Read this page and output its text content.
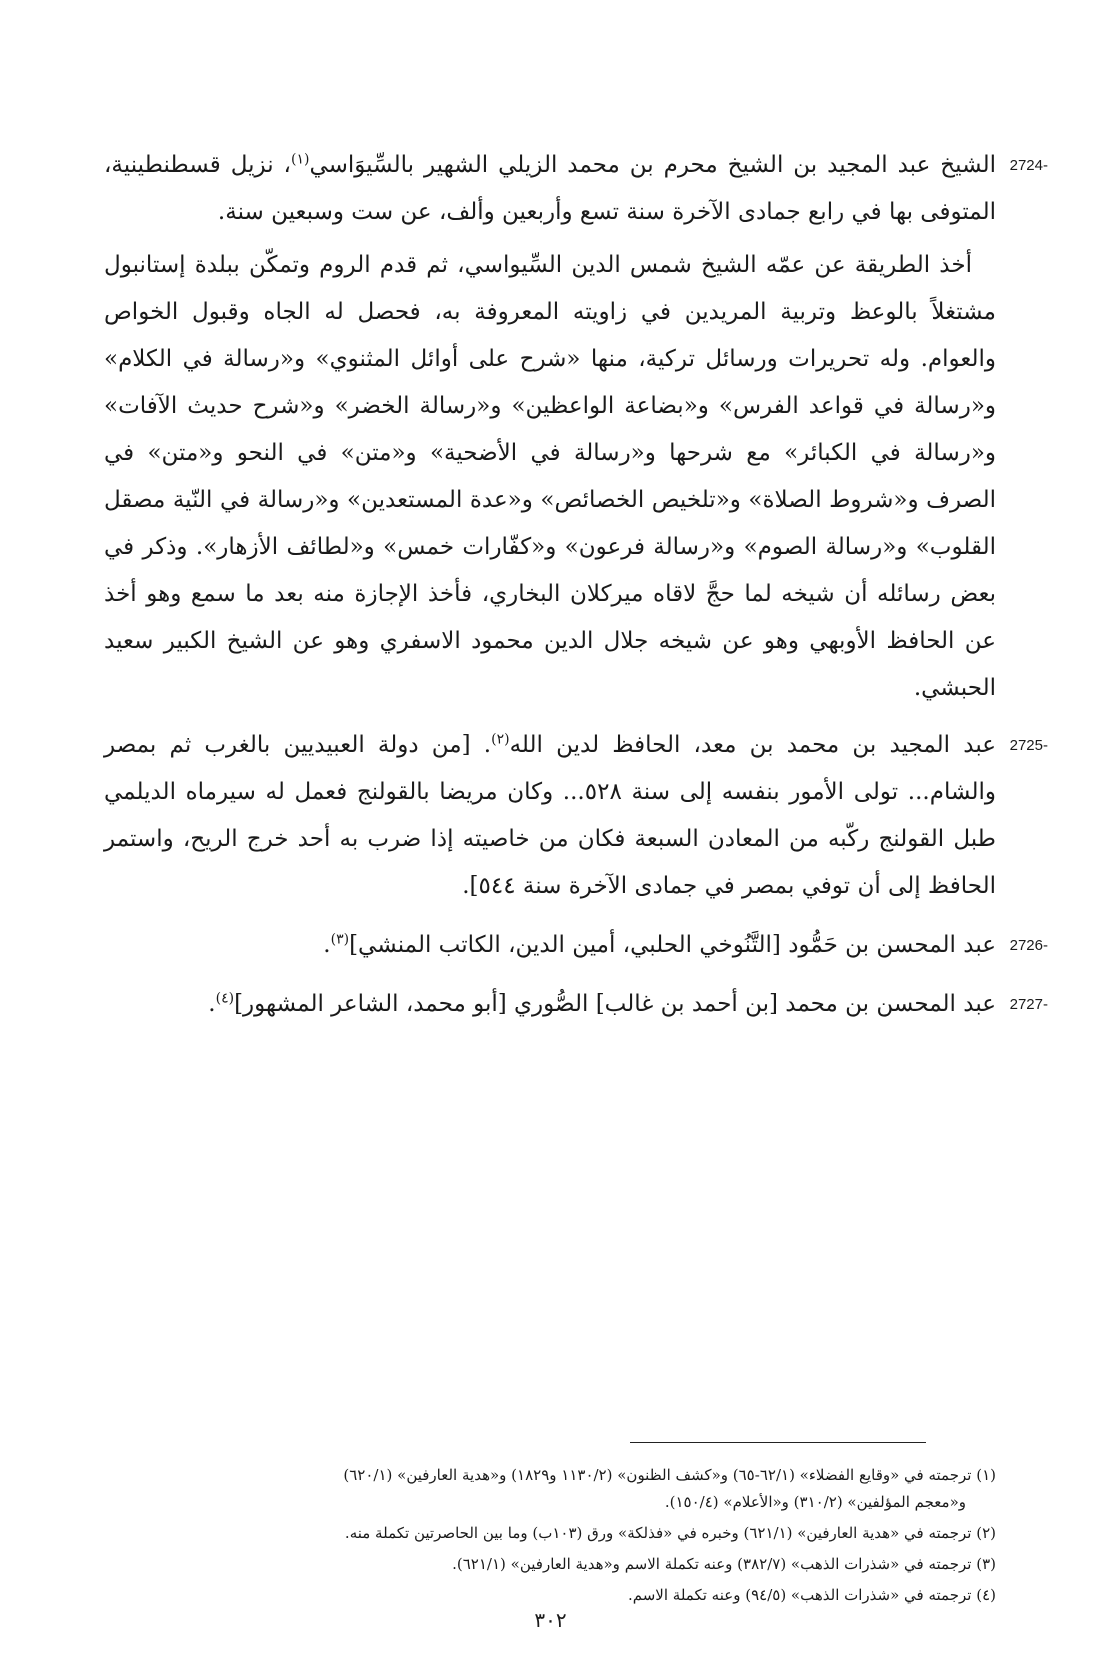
2724-
الشيخ عبد المجيد بن الشيخ محرم بن محمد الزيلي الشهير بالسِّيوَاسي$^{(١)}$، نزيل قسطنطينية، المتوفى بها في رابع جمادى الآخرة سنة تسع وأربعين وألف، عن ست وسبعين سنة.
أخذ الطريقة عن عمّه الشيخ شمس الدين السِّيواسي، ثم قدم الروم وتمكّن ببلدة إستانبول مشتغلاً بالوعظ وتربية المريدين في زاويته المعروفة به، فحصل له الجاه وقبول الخواص والعوام. وله تحريرات ورسائل تركية، منها «شرح على أوائل المثنوي» و«رسالة في الكلام» و«رسالة في قواعد الفرس» و«بضاعة الواعظين» و«رسالة الخضر» و«شرح حديث الآفات» و«رسالة في الكبائر» مع شرحها و«رسالة في الأضحية» و«متن» في النحو و«متن» في الصرف و«شروط الصلاة» و«تلخيص الخصائص» و«عدة المستعدين» و«رسالة في النّية مصقل القلوب» و«رسالة الصوم» و«رسالة فرعون» و«كفّارات خمس» و«لطائف الأزهار». وذكر في بعض رسائله أن شيخه لما حجَّ لاقاه ميركلان البخاري، فأخذ الإجازة منه بعد ما سمع وهو أخذ عن الحافظ الأوبهي وهو عن شيخه جلال الدين محمود الاسفري وهو عن الشيخ الكبير سعيد الحبشي.
2725-
عبد المجيد بن محمد بن معد، الحافظ لدين الله$^{(٢)}$. [من دولة العبيديين بالغرب ثم بمصر والشام... تولى الأمور بنفسه إلى سنة ٥٢٨... وكان مريضا بالقولنج فعمل له سيرماه الديلمي طبل القولنج ركّبه من المعادن السبعة فكان من خاصيته إذا ضرب به أحد خرج الريح، واستمر الحافظ إلى أن توفي بمصر في جمادى الآخرة سنة ٥٤٤].
2726-
عبد المحسن بن حَمُّود [التَّنُوخي الحلبي، أمين الدين، الكاتب المنشي]$^{(٣)}$.
2727-
عبد المحسن بن محمد [بن أحمد بن غالب] الصُّوري [أبو محمد، الشاعر المشهور]$^{(٤)}$.
(١) ترجمته في «وقايع الفضلاء» (٦٢/١-٦٥) و«كشف الظنون» (١١٣٠/٢ و١٨٢٩) و«هدية العارفين» (٦٢٠/١)
و«معجم المؤلفين» (٣١٠/٢) و«الأعلام» (١٥٠/٤).
(٢) ترجمته في «هدية العارفين» (٦٢١/١) وخبره في «فذلكة» ورق (١٠٣ب) وما بين الحاصرتين تكملة منه.
(٣) ترجمته في «شذرات الذهب» (٣٨٢/٧) وعنه تكملة الاسم و«هدية العارفين» (٦٢١/١).
(٤) ترجمته في «شذرات الذهب» (٩٤/٥) وعنه تكملة الاسم.
٣٠٢
